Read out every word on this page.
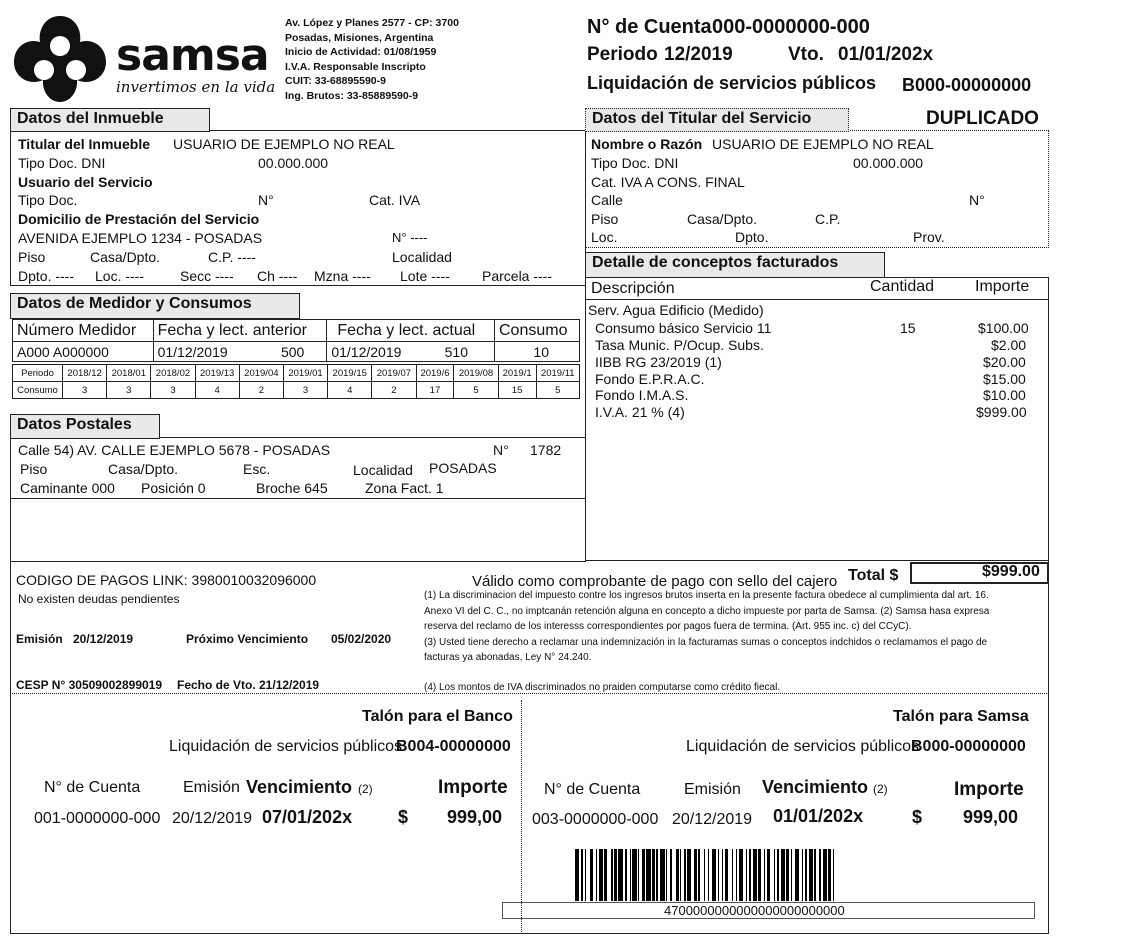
samsa
invertimos en la vida
Av. López y Planes 2577 - CP: 3700
Posadas, Misiones, Argentina
Inicio de Actividad: 01/08/1959
I.V.A. Responsable Inscripto
CUIT: 33-68895590-9
Ing. Brutos: 33-85889590-9
N° de Cuenta 000-0000000-000
Periodo 12/2019	Vto. 01/01/202x
Liquidación de servicios públicos B000-00000000
DUPLICADO
Datos del Inmueble
Titular del Inmueble USUARIO DE EJEMPLO NO REAL
Tipo Doc. DNI	00.000.000
Usuario del Servicio
Tipo Doc.	N°	Cat. IVA
Domicilio de Prestación del Servicio
AVENIDA EJEMPLO 1234 - POSADAS	N° ----
Piso	Casa/Dpto.	C.P. ----	Localidad
Dpto. ---- Loc. ----	Secc ---- Ch ---- Mzna ---- Lote ---- Parcela ----
Datos del Titular del Servicio
Nombre o Razón USUARIO DE EJEMPLO NO REAL
Tipo Doc. DNI	00.000.000
Cat. IVA A CONS. FINAL
Calle	N°
Piso	Casa/Dpto.	C.P.
Loc.	Dpto.	Prov.
Detalle de conceptos facturados
Descripción	Cantidad	Importe
Serv. Agua Edificio (Medido)
Consumo básico Servicio 11	15	$100.00
Tasa Munic. P/Ocup. Subs.	$2.00
IIBB RG 23/2019 (1)	$20.00
Fondo E.P.R.A.C.	$15.00
Fondo I.M.A.S.	$10.00
I.V.A. 21 % (4)	$999.00
Datos de Medidor y Consumos
Número Medidor	Fecha y lect. anterior	Fecha y lect. actual	Consumo
A000 A000000	01/12/2019 500	01/12/2019 510	10
Periodo	2018/12	2018/01	2018/02	2019/13	2019/04	2019/01	2019/15	2019/07	2019/6	2019/08	2019/1	2019/11
Consumo	3	3	3	4	2	3	4	2	17	5	15	5
Datos Postales
Calle 54) AV. CALLE EJEMPLO 5678 - POSADAS	N° 1782
Piso	Casa/Dpto.	Esc.	Localidad POSADAS
Caminante 000 Posición 0	Broche 645	Zona Fact. 1
CODIGO DE PAGOS LINK: 3980010032096000
No existen deudas pendientes
Emisión 20/12/2019	Próximo Vencimiento 05/02/2020
CESP N° 30509002899019 Fecho de Vto. 21/12/2019
Válido como comprobante de pago con sello del cajero Total $	$999.00
(1) La discriminacion del impuesto contre los ingresos brutos inserta en la presente factura obedece al cumplimienta dal art. 16.
Anexo VI del C. C., no imptcanán retención alguna en concepto a dicho impueste por parta de Samsa. (2) Samsa hasa expresa
reserva del reclamo de los interesss correspondientes por pagos fuera de termina. (Art. 955 inc. c) del CCyC).
(3) Usted tiene derecho a reclamar una indemnización in la facturamas sumas o conceptos indchidos o reclamamos el pago de
facturas ya abonadas, Ley N° 24.240.
(4) Los montos de IVA discriminados no praiden computarse como crédito fiecal.
Talón para el Banco
Liquidación de servicios públicos
B004-00000000
N° de Cuenta	Emisión Vencimiento (2)	Importe
001-0000000-000 20/12/2019 07/01/202x	$ 999,00
Talón para Samsa
Liquidación de servicios públicos
B000-00000000
N° de Cuenta	Emisión Vencimiento (2)	Importe
003-0000000-000 20/12/2019 01/01/202x	$ 999,00
4700000000000000000000000
